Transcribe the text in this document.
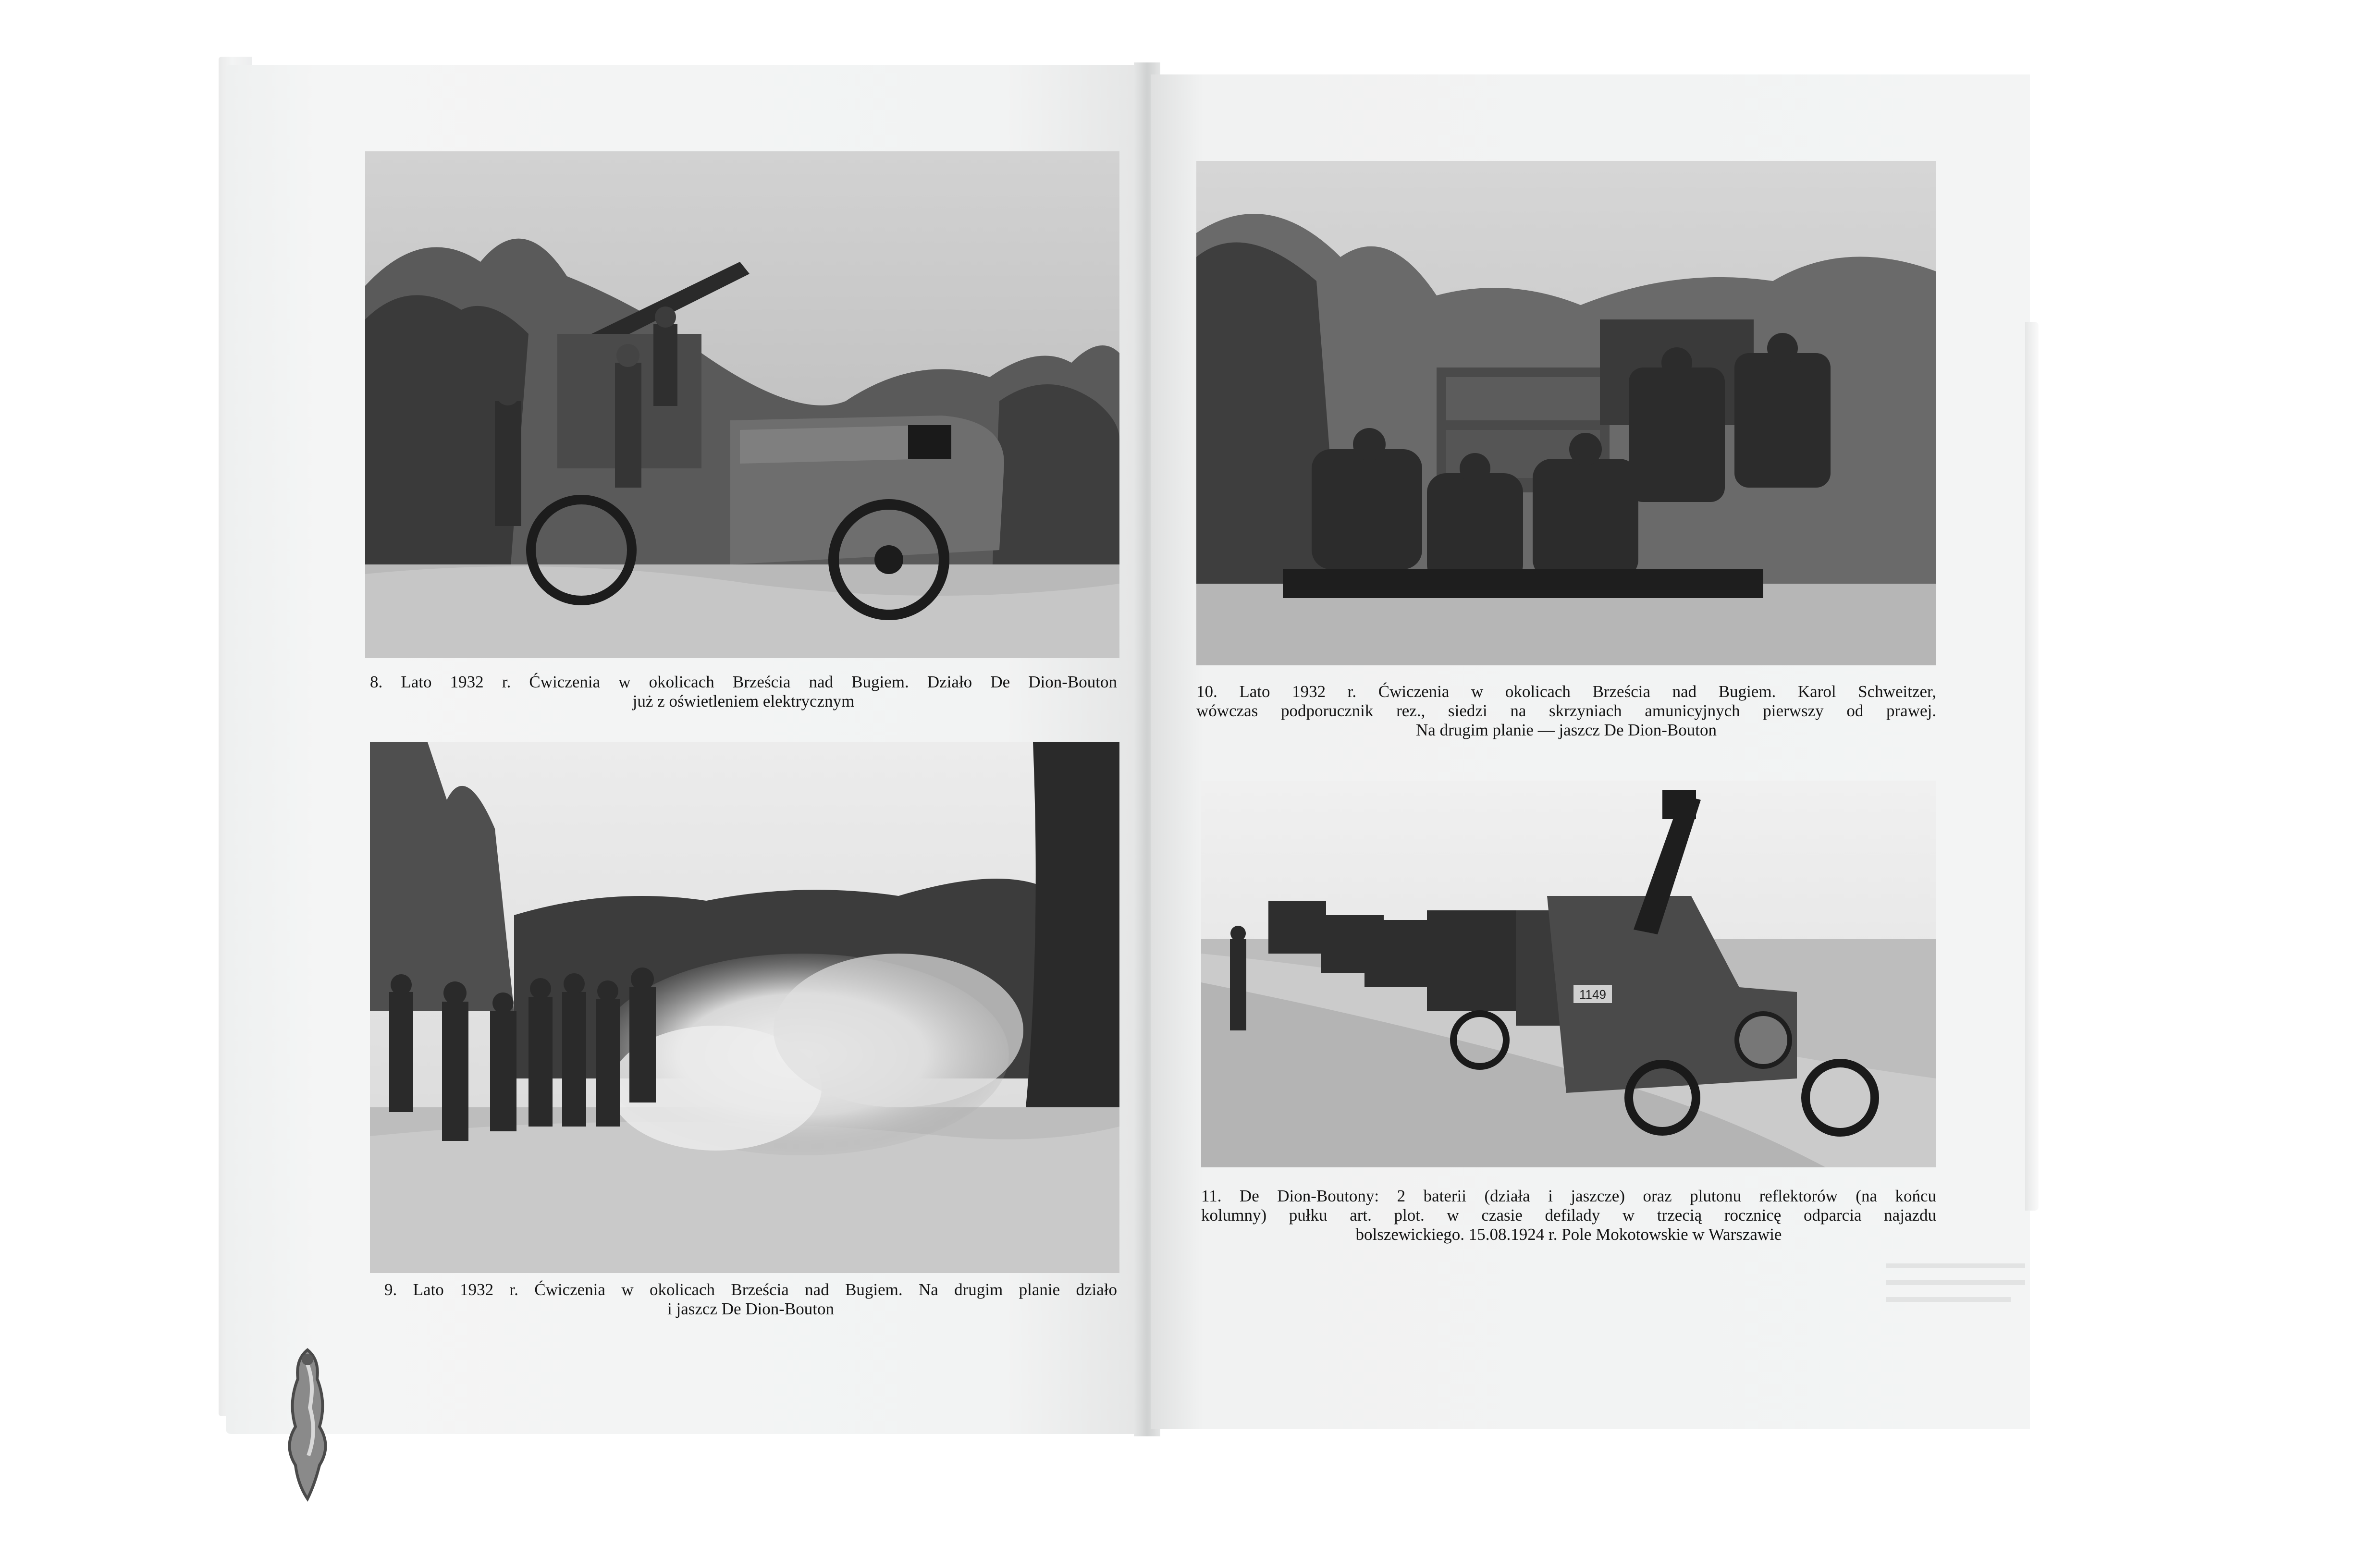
8. Lato 1932 r. Ćwiczenia w okolicach Brześcia nad Bugiem. Działo De Dion-Bouton
już z oświetleniem elektrycznym
9. Lato 1932 r. Ćwiczenia w okolicach Brześcia nad Bugiem. Na drugim planie działo
i jaszcz De Dion-Bouton
10. Lato 1932 r. Ćwiczenia w okolicach Brześcia nad Bugiem. Karol Schweitzer,
wówczas podporucznik rez., siedzi na skrzyniach amunicyjnych pierwszy od prawej.
Na drugim planie — jaszcz De Dion-Bouton
1149
11. De Dion-Boutony: 2 baterii (działa i jaszcze) oraz plutonu reflektorów (na końcu
kolumny) pułku art. plot. w czasie defilady w trzecią rocznicę odparcia najazdu
bolszewickiego. 15.08.1924 r. Pole Mokotowskie w Warszawie
